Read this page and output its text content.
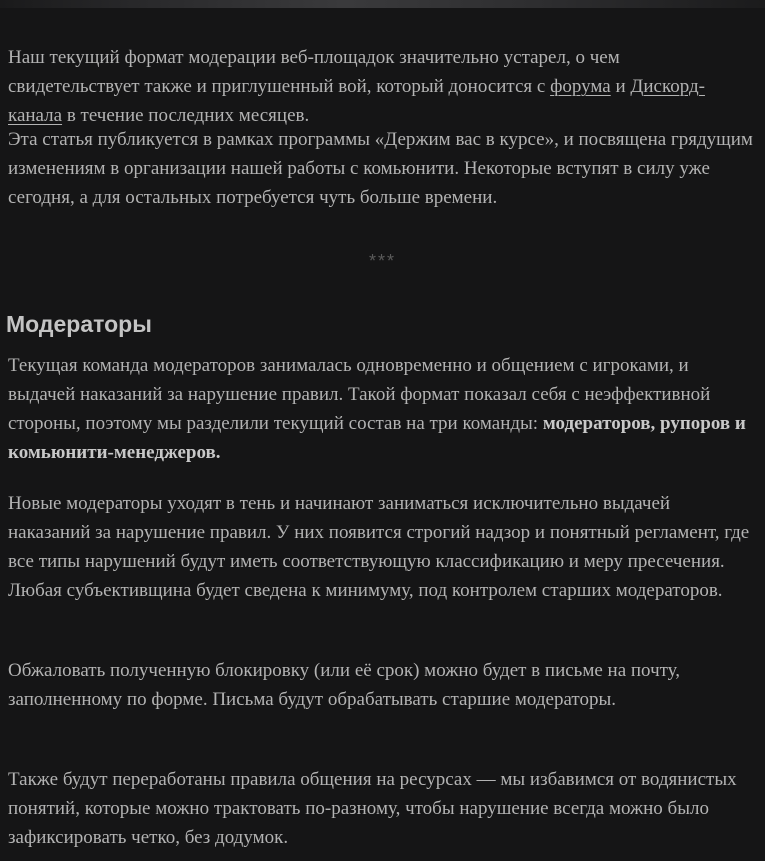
Наш текущий формат модерации веб-площадок значительно устарел, о чем свидетельствует также и приглушенный вой, который доносится с форума и Дискорд-канала в течение последних месяцев.

Эта статья публикуется в рамках программы «Держим вас в курсе», и посвящена грядущим изменениям в организации нашей работы с комьюнити. Некоторые вступят в силу уже сегодня, а для остальных потребуется чуть больше времени.

***
Модераторы

Текущая команда модераторов занималась одновременно и общением с игроками, и выдачей наказаний за нарушение правил. Такой формат показал себя с неэффективной стороны, поэтому мы разделили текущий состав на три команды: модераторов, рупоров и комьюнити-менеджеров.

Новые модераторы уходят в тень и начинают заниматься исключительно выдачей наказаний за нарушение правил. У них появится строгий надзор и понятный регламент, где все типы нарушений будут иметь соответствующую классификацию и меру пресечения. Любая субъективщина будет сведена к минимуму, под контролем старших модераторов.

Обжаловать полученную блокировку (или её срок) можно будет в письме на почту, заполненному по форме. Письма будут обрабатывать старшие модераторы.

Также будут переработаны правила общения на ресурсах — мы избавимся от водянистых понятий, которые можно трактовать по-разному, чтобы нарушение всегда можно было зафиксировать четко, без додумок.
